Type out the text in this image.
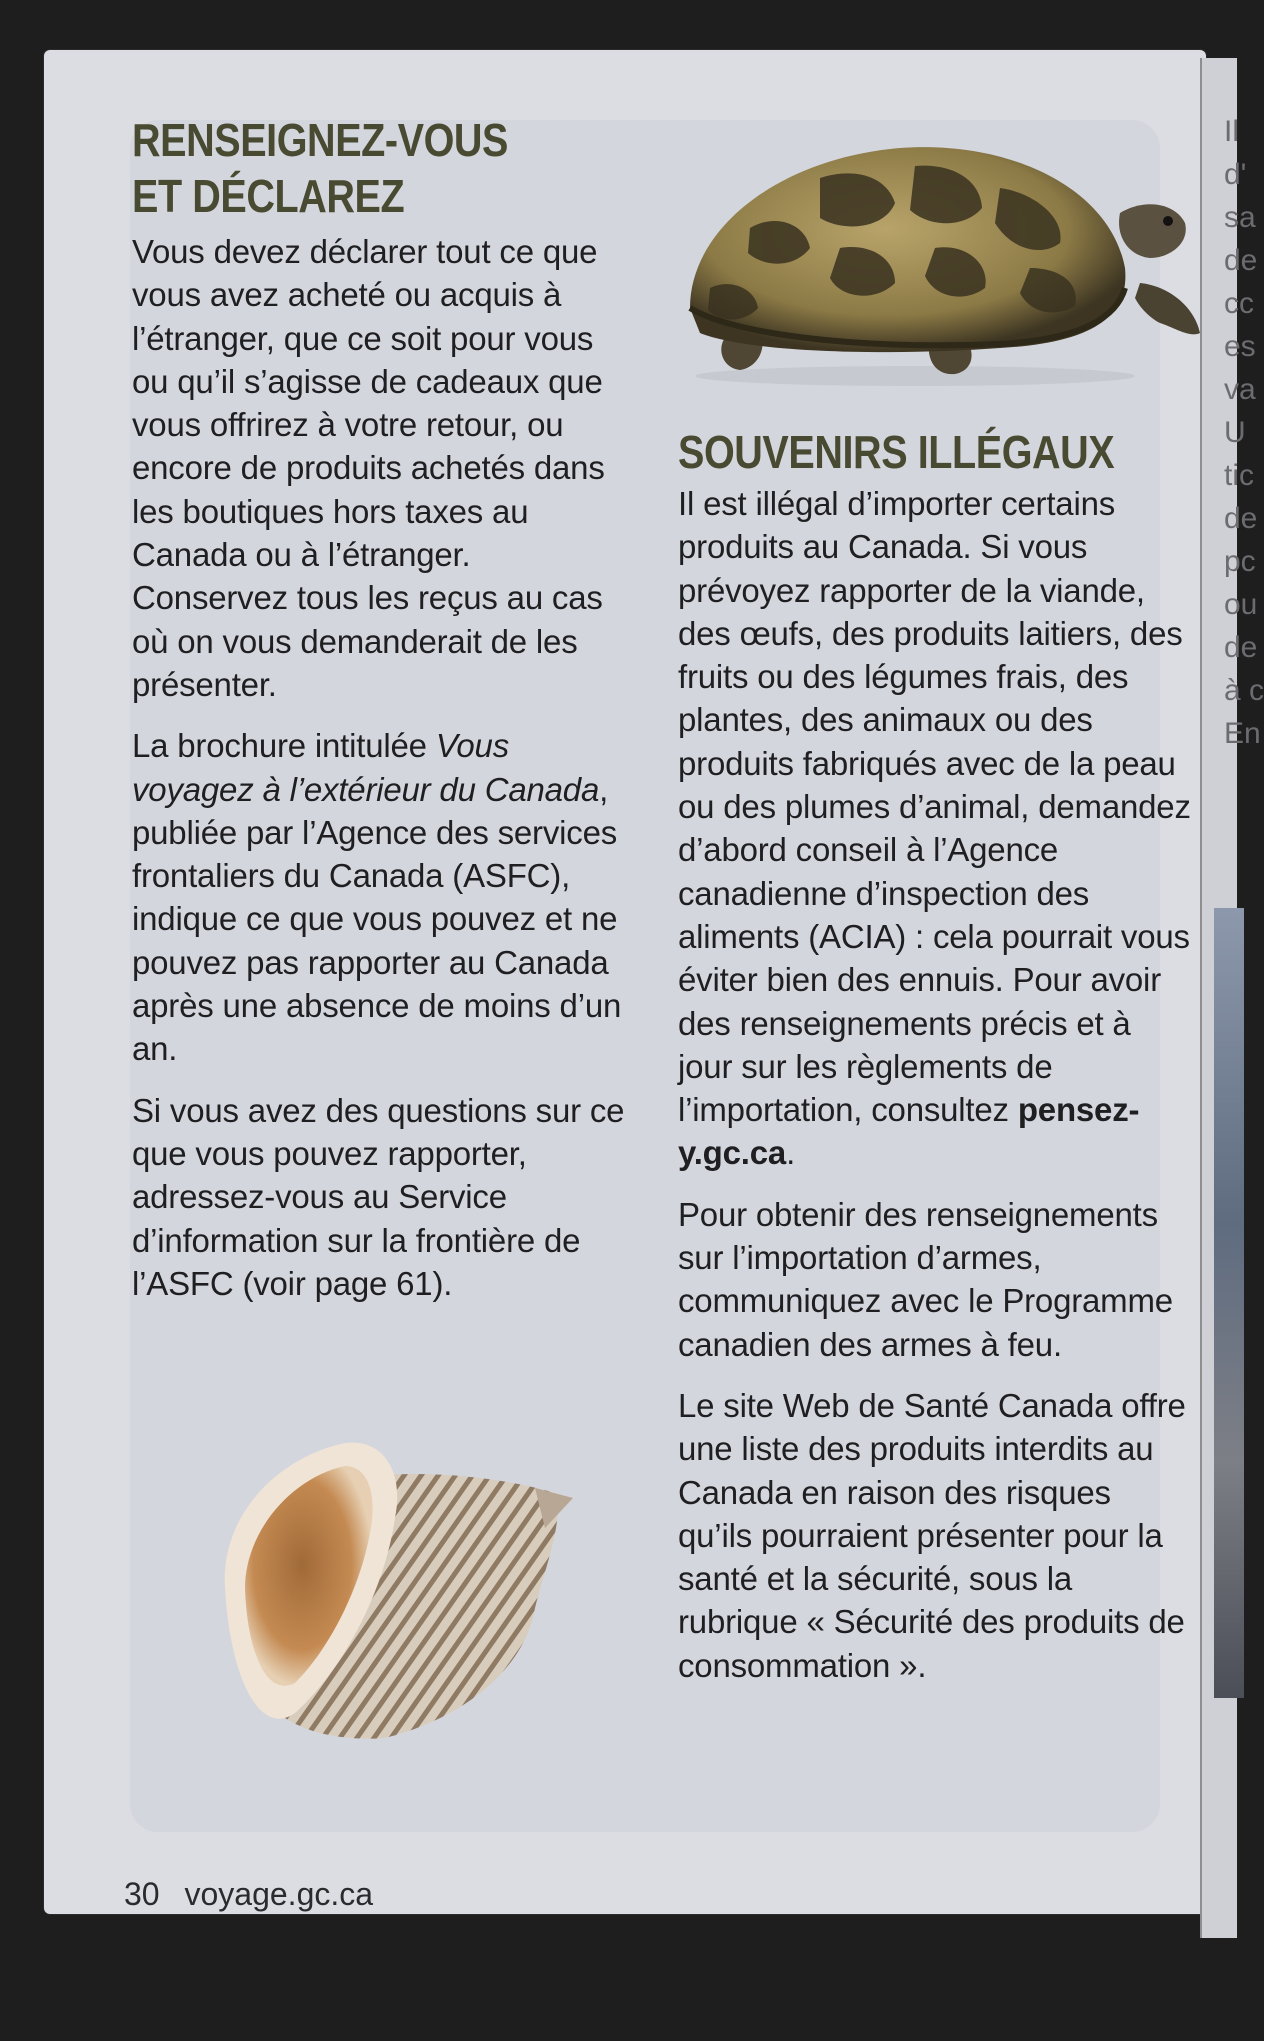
Il
d'
sa
de
cc
es
va
U
tic
de
pc
ou
de
à c
En
RENSEIGNEZ-VOUS
ET DÉCLAREZ

Vous devez déclarer tout ce que vous avez acheté ou acquis à l’étranger, que ce soit pour vous ou qu’il s’agisse de cadeaux que vous offrirez à votre retour, ou encore de produits achetés dans les boutiques hors taxes au Canada ou à l’étranger. Conservez tous les reçus au cas où on vous demanderait de les présenter.

La brochure intitulée Vous voyagez à l’extérieur du Canada, publiée par l’Agence des services frontaliers du Canada (ASFC), indique ce que vous pouvez et ne pouvez pas rapporter au Canada après une absence de moins d’un an.

Si vous avez des questions sur ce que vous pouvez rapporter, adressez-vous au Service d’information sur la frontière de l’ASFC (voir page 61).

SOUVENIRS ILLÉGAUX

Il est illégal d’importer certains produits au Canada. Si vous prévoyez rapporter de la viande, des œufs, des produits laitiers, des fruits ou des légumes frais, des plantes, des animaux ou des produits fabriqués avec de la peau ou des plumes d’animal, demandez d’abord conseil à l’Agence canadienne d’inspection des aliments (ACIA) : cela pourrait vous éviter bien des ennuis. Pour avoir des renseignements précis et à jour sur les règlements de l’importation, consultez pensez-y.gc.ca.

Pour obtenir des renseignements sur l’importation d’armes, communiquez avec le Programme canadien des armes à feu.

Le site Web de Santé Canada offre une liste des produits interdits au Canada en raison des risques qu’ils pourraient présenter pour la santé et la sécurité, sous la rubrique « Sécurité des produits de consommation ».

30 voyage.gc.ca
